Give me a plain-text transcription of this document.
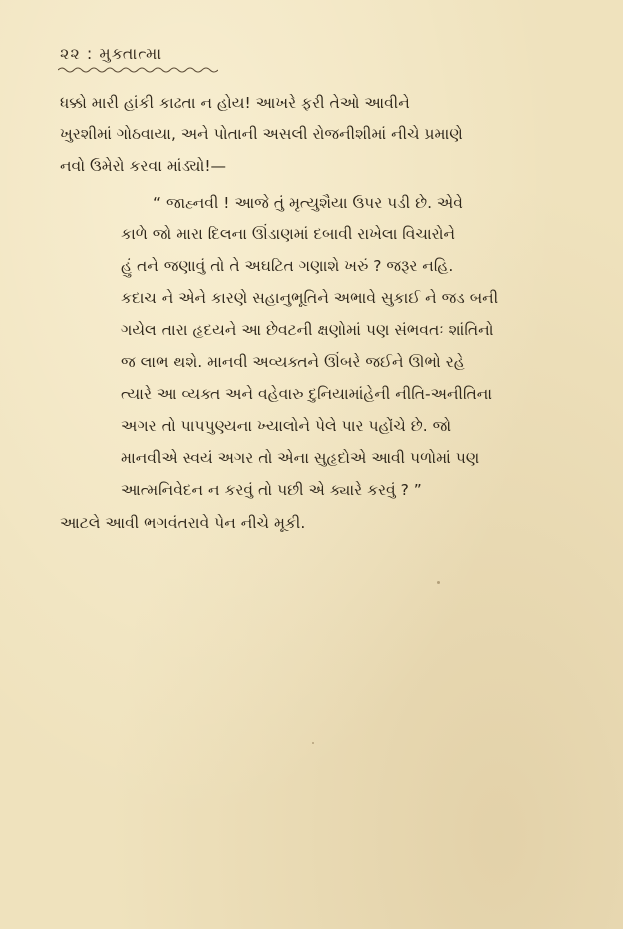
૨૨ : મુક્તાત્મા
ધક્કો મારી હાંકી કાઢતા ન હોય! આખરે ફરી તેઓ આવીને
ખુરશીમાં ગોઠવાયા, અને પોતાની અસલી રોજનીશીમાં નીચે પ્રમાણે
નવો ઉમેરો કરવા માંડ્યો!—
“ જાહ્નવી ! આજે તું મૃત્યુશૈયા ઉપર પડી છે. એવે
કાળે જો મારા દિલના ઊંડાણમાં દબાવી રાખેલા વિચારોને
હું તને જણાવું તો તે અઘટિત ગણાશે ખરું ? જરૂર નહિ.
કદાચ ને એને કારણે સહાનુભૂતિને અભાવે સુકાઈ ને જડ બની
ગયેલ તારા હૃદયને આ છેવટની ક્ષણોમાં પણ સંભવતઃ શાંતિનો
જ લાભ થશે. માનવી અવ્યક્તને ઊંબરે જઈને ઊભો રહે
ત્યારે આ વ્યક્ત અને વહેવારુ દુનિયામાંહેની નીતિ-અનીતિના
અગર તો પાપપુણ્યના ખ્યાલોને પેલે પાર પહોંચે છે. જો
માનવીએ સ્વયં અગર તો એના સુહૃદોએ આવી પળોમાં પણ
આત્મનિવેદન ન કરવું તો પછી એ ક્યારે કરવું ? ”
આટલે આવી ભગવંતરાવે પેન નીચે મૂકી.
